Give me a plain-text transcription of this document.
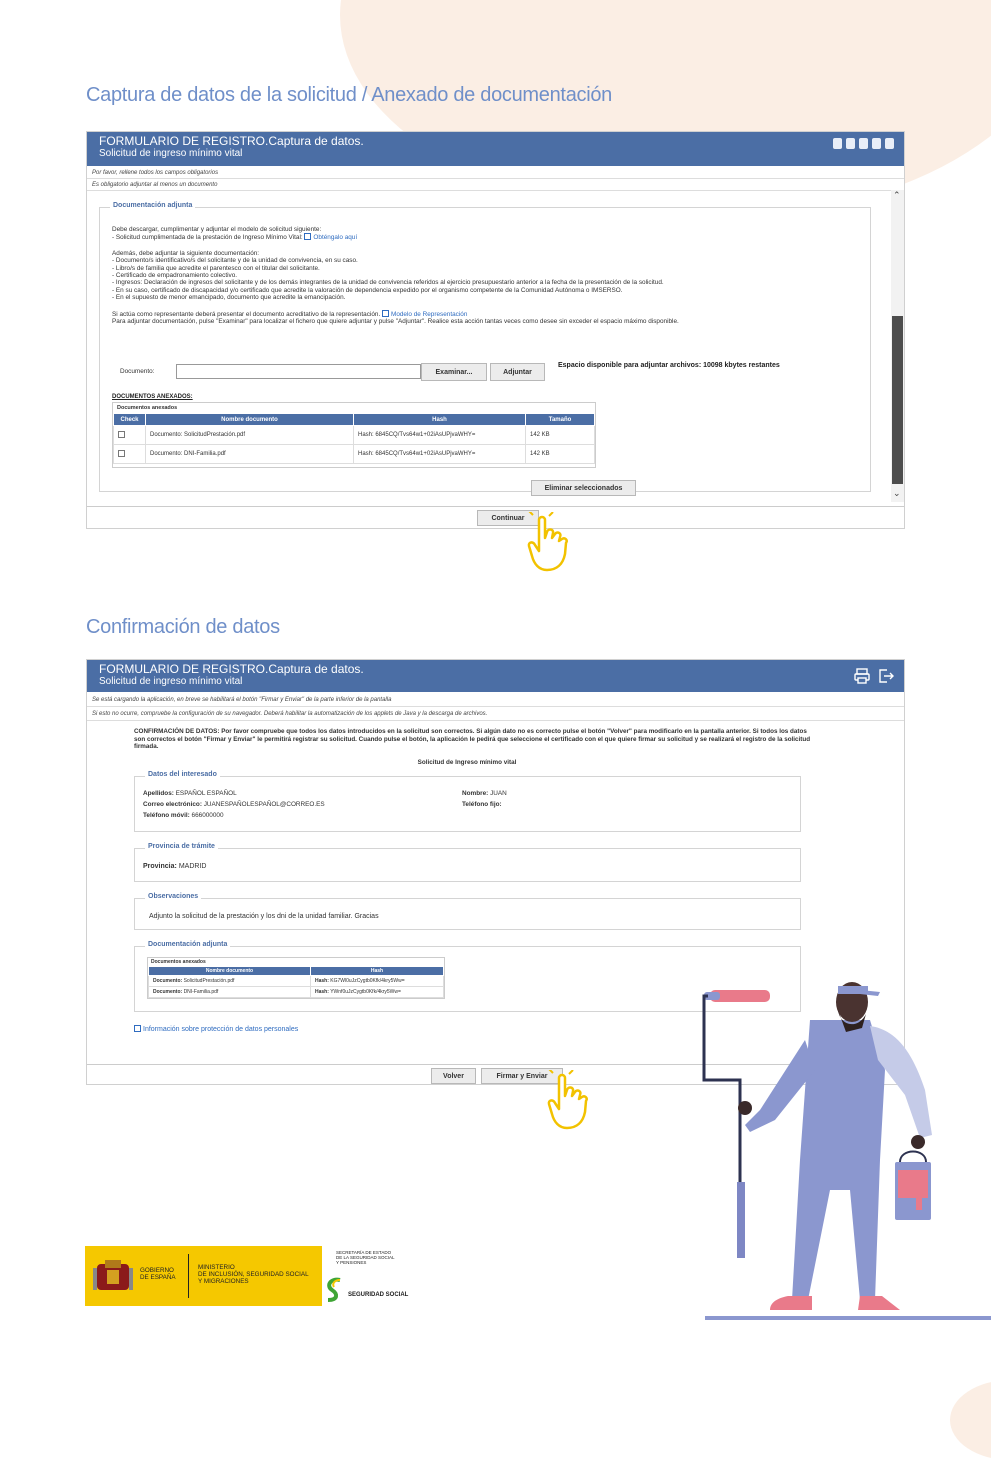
Captura de datos de la solicitud / Anexado de documentación
FORMULARIO DE REGISTRO.Captura de datos.
Solicitud de ingreso mínimo vital
Por favor, rellene todos los campos obligatorios
Es obligatorio adjuntar al menos un documento
Documentación adjunta
Debe descargar, cumplimentar y adjuntar el modelo de solicitud siguiente:
- Solicitud cumplimentada de la prestación de Ingreso Mínimo Vital: Obténgalo aquí
Además, debe adjuntar la siguiente documentación:
- Documento/s identificativo/s del solicitante y de la unidad de convivencia, en su caso.
- Libro/s de familia que acredite el parentesco con el titular del solicitante.
- Certificado de empadronamiento colectivo.
- Ingresos: Declaración de ingresos del solicitante y de los demás integrantes de la unidad de convivencia referidos al ejercicio presupuestario anterior a la fecha de la presentación de la solicitud.
- En su caso, certificado de discapacidad y/o certificado que acredite la valoración de dependencia expedido por el organismo competente de la Comunidad Autónoma o IMSERSO.
- En el supuesto de menor emancipado, documento que acredite la emancipación.
Si actúa como representante deberá presentar el documento acreditativo de la representación. Modelo de Representación
Para adjuntar documentación, pulse "Examinar" para localizar el fichero que quiere adjuntar y pulse "Adjuntar". Realice esta acción tantas veces como desee sin exceder el espacio máximo disponible.
Documento:	Examinar...	Adjuntar
Espacio disponible para adjuntar archivos: 10098 kbytes restantes
DOCUMENTOS ANEXADOS:
Documentos anexados
Check	Nombre documento	Hash	Tamaño
	Documento: SolicitudPrestación.pdf	Hash: 6845CQ/Tvs64w1+02iAsUPjvaWHY=	142 KB
	Documento: DNI-Familia.pdf	Hash: 6845CQ/Tvs64w1+02iAsUPjvaWHY=	142 KB
Eliminar seleccionados
⌃
⌄
Continuar
Confirmación de datos
FORMULARIO DE REGISTRO.Captura de datos.
Solicitud de ingreso mínimo vital
Se está cargando la aplicación, en breve se habilitará el botón "Firmar y Enviar" de la parte inferior de la pantalla
Si esto no ocurre, compruebe la configuración de su navegador. Deberá habilitar la automatización de los applets de Java y la descarga de archivos.
CONFIRMACIÓN DE DATOS: Por favor compruebe que todos los datos introducidos en la solicitud son correctos. Si algún dato no es correcto pulse el botón "Volver" para modificarlo en la pantalla anterior. Si todos los datos son correctos el botón "Firmar y Enviar" le permitirá registrar su solicitud. Cuando pulse el botón, la aplicación le pedirá que seleccione el certificado con el que quiere firmar su solicitud y se realizará el registro de la solicitud firmada.
Solicitud de Ingreso mínimo vital
Datos del interesado
Apellidos: ESPAÑOL ESPAÑOL	Nombre: JUAN
Correo electrónico: JUANESPAÑOLESPAÑOL@CORREO.ES	Teléfono fijo:
Teléfono móvil: 666000000
Provincia de trámite
Provincia: MADRID
Observaciones
Adjunto la solicitud de la prestación y los dni de la unidad familiar. Gracias
Documentación adjunta
Documentos anexados
Nombre documento	Hash
Documento: SolicitudPrestación.pdf	Hash: KG7Wl0uJzCygtb0Kfk/4kry5Ww=
Documento: DNI-Familia.pdf	Hash: YWnf0uJzCygtb0Kfk/4kry5Ww=
Información sobre protección de datos personales
Volver	Firmar y Enviar
GOBIERNO
DE ESPAÑA
MINISTERIO
DE INCLUSIÓN, SEGURIDAD SOCIAL
Y MIGRACIONES
SECRETARÍA DE ESTADO
DE LA SEGURIDAD SOCIAL
Y PENSIONES
SEGURIDAD SOCIAL
